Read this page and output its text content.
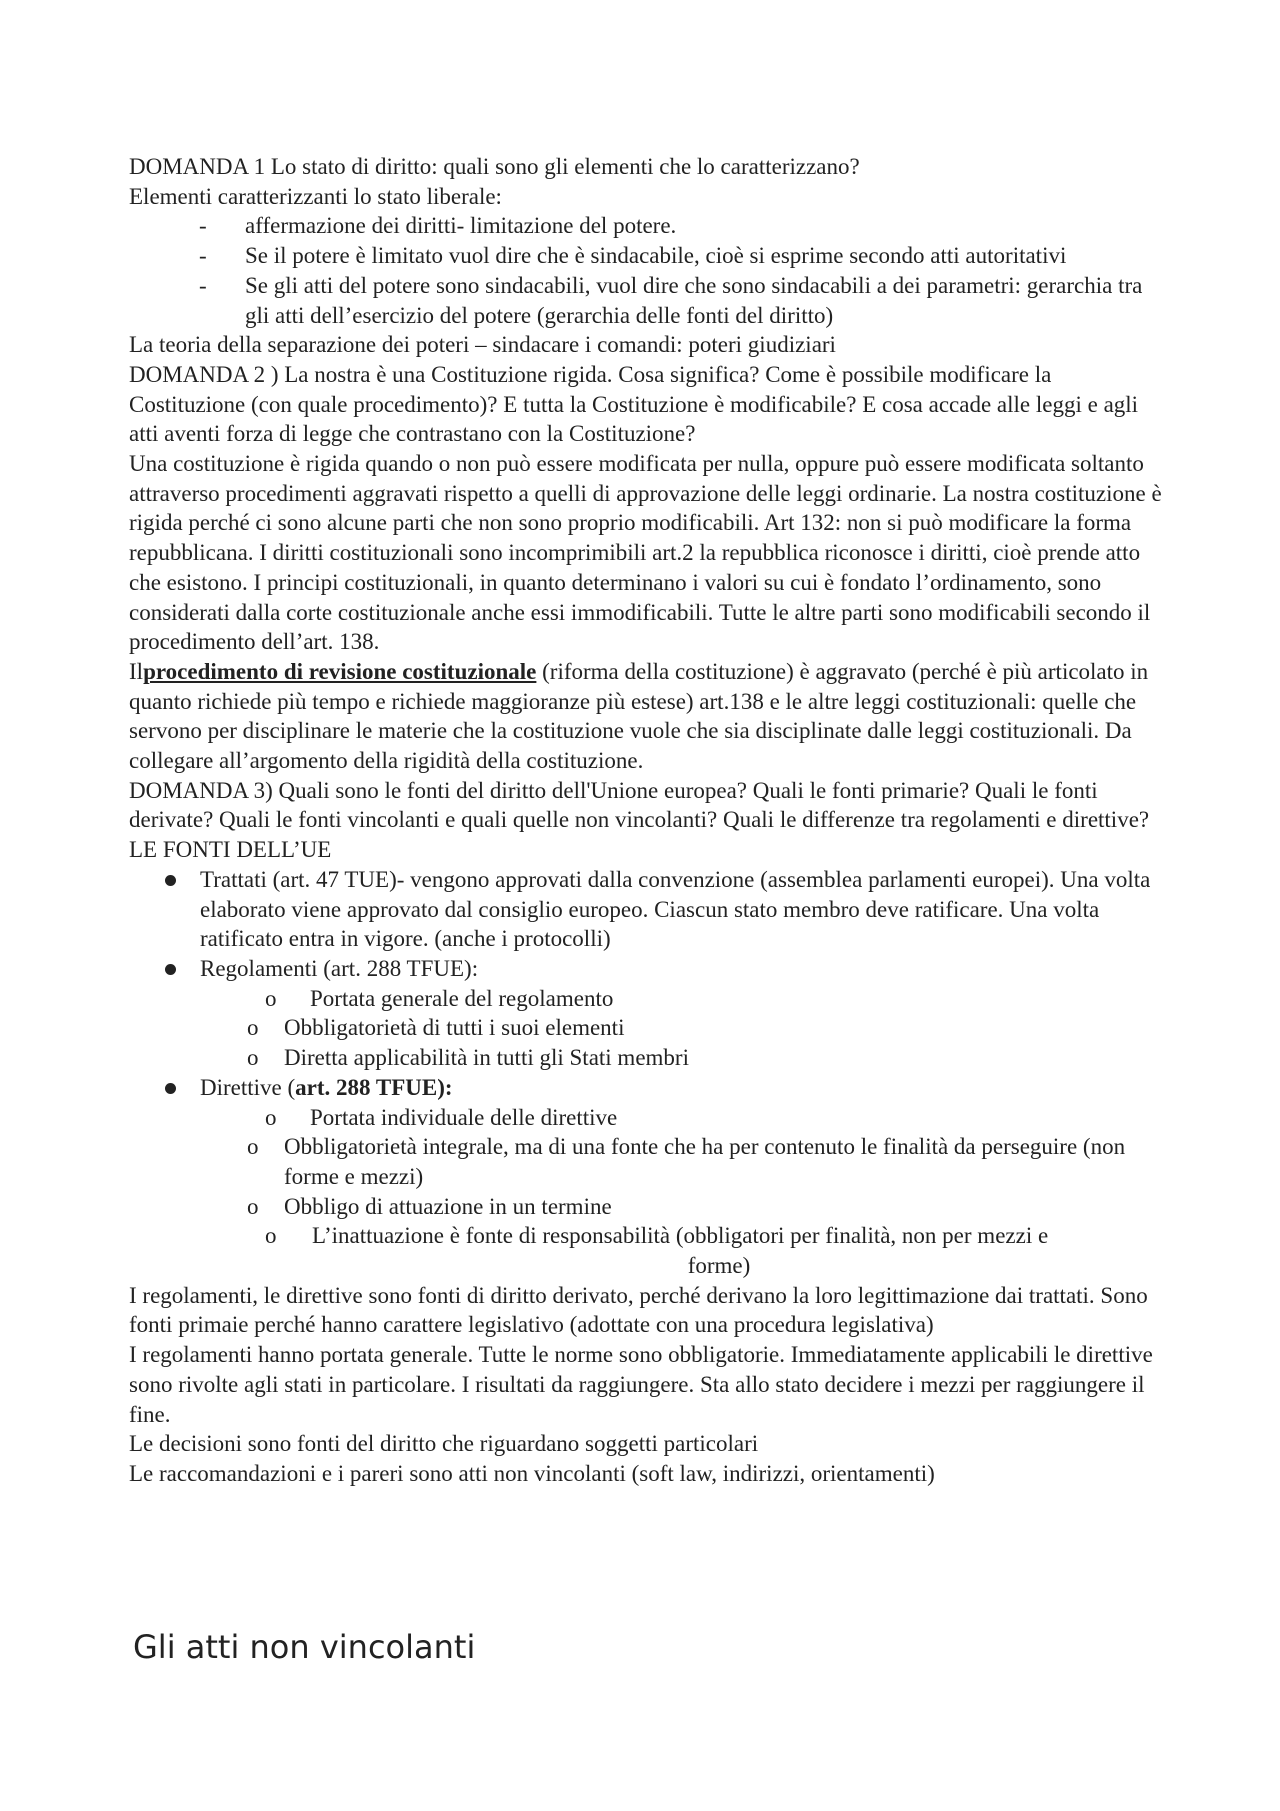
DOMANDA 1 Lo stato di diritto: quali sono gli elementi che lo caratterizzano?

Elementi caratterizzanti lo stato liberale:

- affermazione dei diritti- limitazione del potere.
- Se il potere è limitato vuol dire che è sindacabile, cioè si esprime secondo atti autoritativi
- Se gli atti del potere sono sindacabili, vuol dire che sono sindacabili a dei parametri: gerarchia tra gli atti dell’esercizio del potere (gerarchia delle fonti del diritto)

La teoria della separazione dei poteri – sindacare i comandi: poteri giudiziari

DOMANDA 2 ) La nostra è una Costituzione rigida. Cosa significa? Come è possibile modificare la Costituzione (con quale procedimento)? E tutta la Costituzione è modificabile? E cosa accade alle leggi e agli atti aventi forza di legge che contrastano con la Costituzione?

Una costituzione è rigida quando o non può essere modificata per nulla, oppure può essere modificata soltanto attraverso procedimenti aggravati rispetto a quelli di approvazione delle leggi ordinarie. La nostra costituzione è rigida perché ci sono alcune parti che non sono proprio modificabili. Art 132: non si può modificare la forma repubblicana. I diritti costituzionali sono incomprimibili art.2 la repubblica riconosce i diritti, cioè prende atto che esistono. I principi costituzionali, in quanto determinano i valori su cui è fondato l’ordinamento, sono considerati dalla corte costituzionale anche essi immodificabili. Tutte le altre parti sono modificabili secondo il procedimento dell’art. 138.

Ilprocedimento di revisione costituzionale (riforma della costituzione) è aggravato (perché è più articolato in quanto richiede più tempo e richiede maggioranze più estese) art.138 e le altre leggi costituzionali: quelle che servono per disciplinare le materie che la costituzione vuole che sia disciplinate dalle leggi costituzionali. Da collegare all’argomento della rigidità della costituzione.

DOMANDA 3) Quali sono le fonti del diritto dell'Unione europea? Quali le fonti primarie? Quali le fonti derivate? Quali le fonti vincolanti e quali quelle non vincolanti? Quali le differenze tra regolamenti e direttive?

LE FONTI DELL’UE

Trattati (art. 47 TUE)- vengono approvati dalla convenzione (assemblea parlamenti europei). Una volta elaborato viene approvato dal consiglio europeo. Ciascun stato membro deve ratificare. Una volta ratificato entra in vigore. (anche i protocolli)
Regolamenti (art. 288 TFUE):
o Portata generale del regolamento
o Obbligatorietà di tutti i suoi elementi
o Diretta applicabilità in tutti gli Stati membri
Direttive (art. 288 TFUE):
o Portata individuale delle direttive
o Obbligatorietà integrale, ma di una fonte che ha per contenuto le finalità da perseguire (non forme e mezzi)
o Obbligo di attuazione in un termine
o L’inattuazione è fonte di responsabilità (obbligatori per finalità, non per mezzi e
forme)

I regolamenti, le direttive sono fonti di diritto derivato, perché derivano la loro legittimazione dai trattati. Sono fonti primaie perché hanno carattere legislativo (adottate con una procedura legislativa)

I regolamenti hanno portata generale. Tutte le norme sono obbligatorie. Immediatamente applicabili le direttive sono rivolte agli stati in particolare. I risultati da raggiungere. Sta allo stato decidere i mezzi per raggiungere il fine.

Le decisioni sono fonti del diritto che riguardano soggetti particolari

Le raccomandazioni e i pareri sono atti non vincolanti (soft law, indirizzi, orientamenti)

Gli atti non vincolanti
